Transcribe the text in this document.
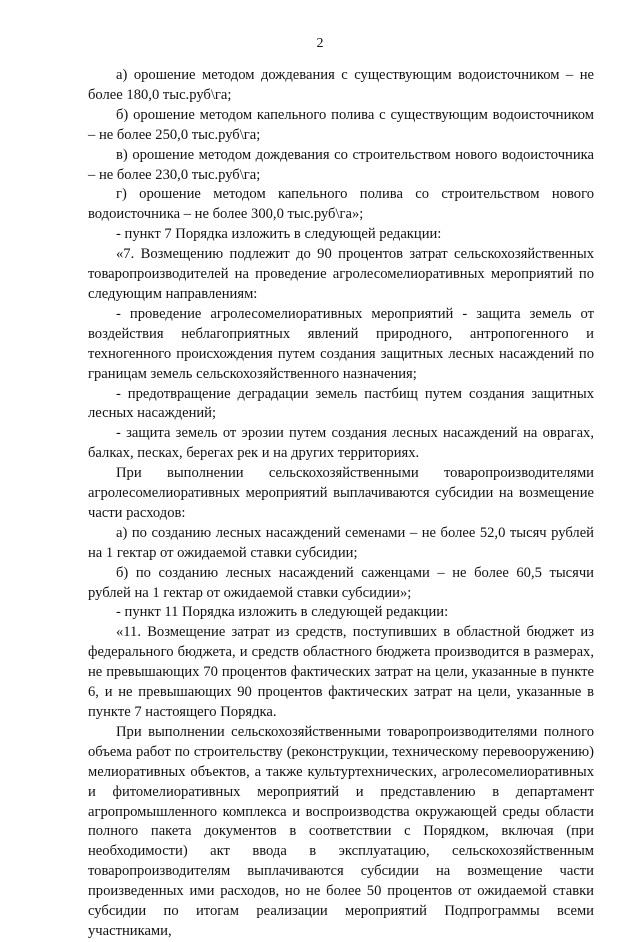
2

а) орошение методом дождевания с существующим водоисточником – не более 180,0 тыс.руб\га;

б) орошение методом капельного полива с существующим водоисточником – не более 250,0 тыс.руб\га;

в) орошение методом дождевания со строительством нового водоисточника – не более 230,0 тыс.руб\га;

г) орошение методом капельного полива со строительством нового водоисточника – не более 300,0 тыс.руб\га»;

- пункт 7 Порядка изложить в следующей редакции:

«7. Возмещению подлежит до 90 процентов затрат сельскохозяйственных товаропроизводителей на проведение агролесомелиоративных мероприятий по следующим направлениям:

- проведение агролесомелиоративных мероприятий - защита земель от воздействия неблагоприятных явлений природного, антропогенного и техногенного происхождения путем создания защитных лесных насаждений по границам земель сельскохозяйственного назначения;

- предотвращение деградации земель пастбищ путем создания защитных лесных насаждений;

- защита земель от эрозии путем создания лесных насаждений на оврагах, балках, песках, берегах рек и на других территориях.

При выполнении сельскохозяйственными товаропроизводителями агролесомелиоративных мероприятий выплачиваются субсидии на возмещение части расходов:

а) по созданию лесных насаждений семенами – не более 52,0 тысяч рублей на 1 гектар от ожидаемой ставки субсидии;

б) по созданию лесных насаждений саженцами – не более 60,5 тысячи рублей на 1 гектар от ожидаемой ставки субсидии»;

- пункт 11 Порядка изложить в следующей редакции:

«11. Возмещение затрат из средств, поступивших в областной бюджет из федерального бюджета, и средств областного бюджета производится в размерах, не превышающих 70 процентов фактических затрат на цели, указанные в пункте 6, и не превышающих 90 процентов фактических затрат на цели, указанные в пункте 7 настоящего Порядка.

При выполнении сельскохозяйственными товаропроизводителями полного объема работ по строительству (реконструкции, техническому перевооружению) мелиоративных объектов, а также культуртехнических, агролесомелиоративных и фитомелиоративных мероприятий и представлению в департамент агропромышленного комплекса и воспроизводства окружающей среды области полного пакета документов в соответствии с Порядком, включая (при необходимости) акт ввода в эксплуатацию, сельскохозяйственным товаропроизводителям выплачиваются субсидии на возмещение части произведенных ими расходов, но не более 50 процентов от ожидаемой ставки субсидии по итогам реализации мероприятий Подпрограммы всеми участниками,
